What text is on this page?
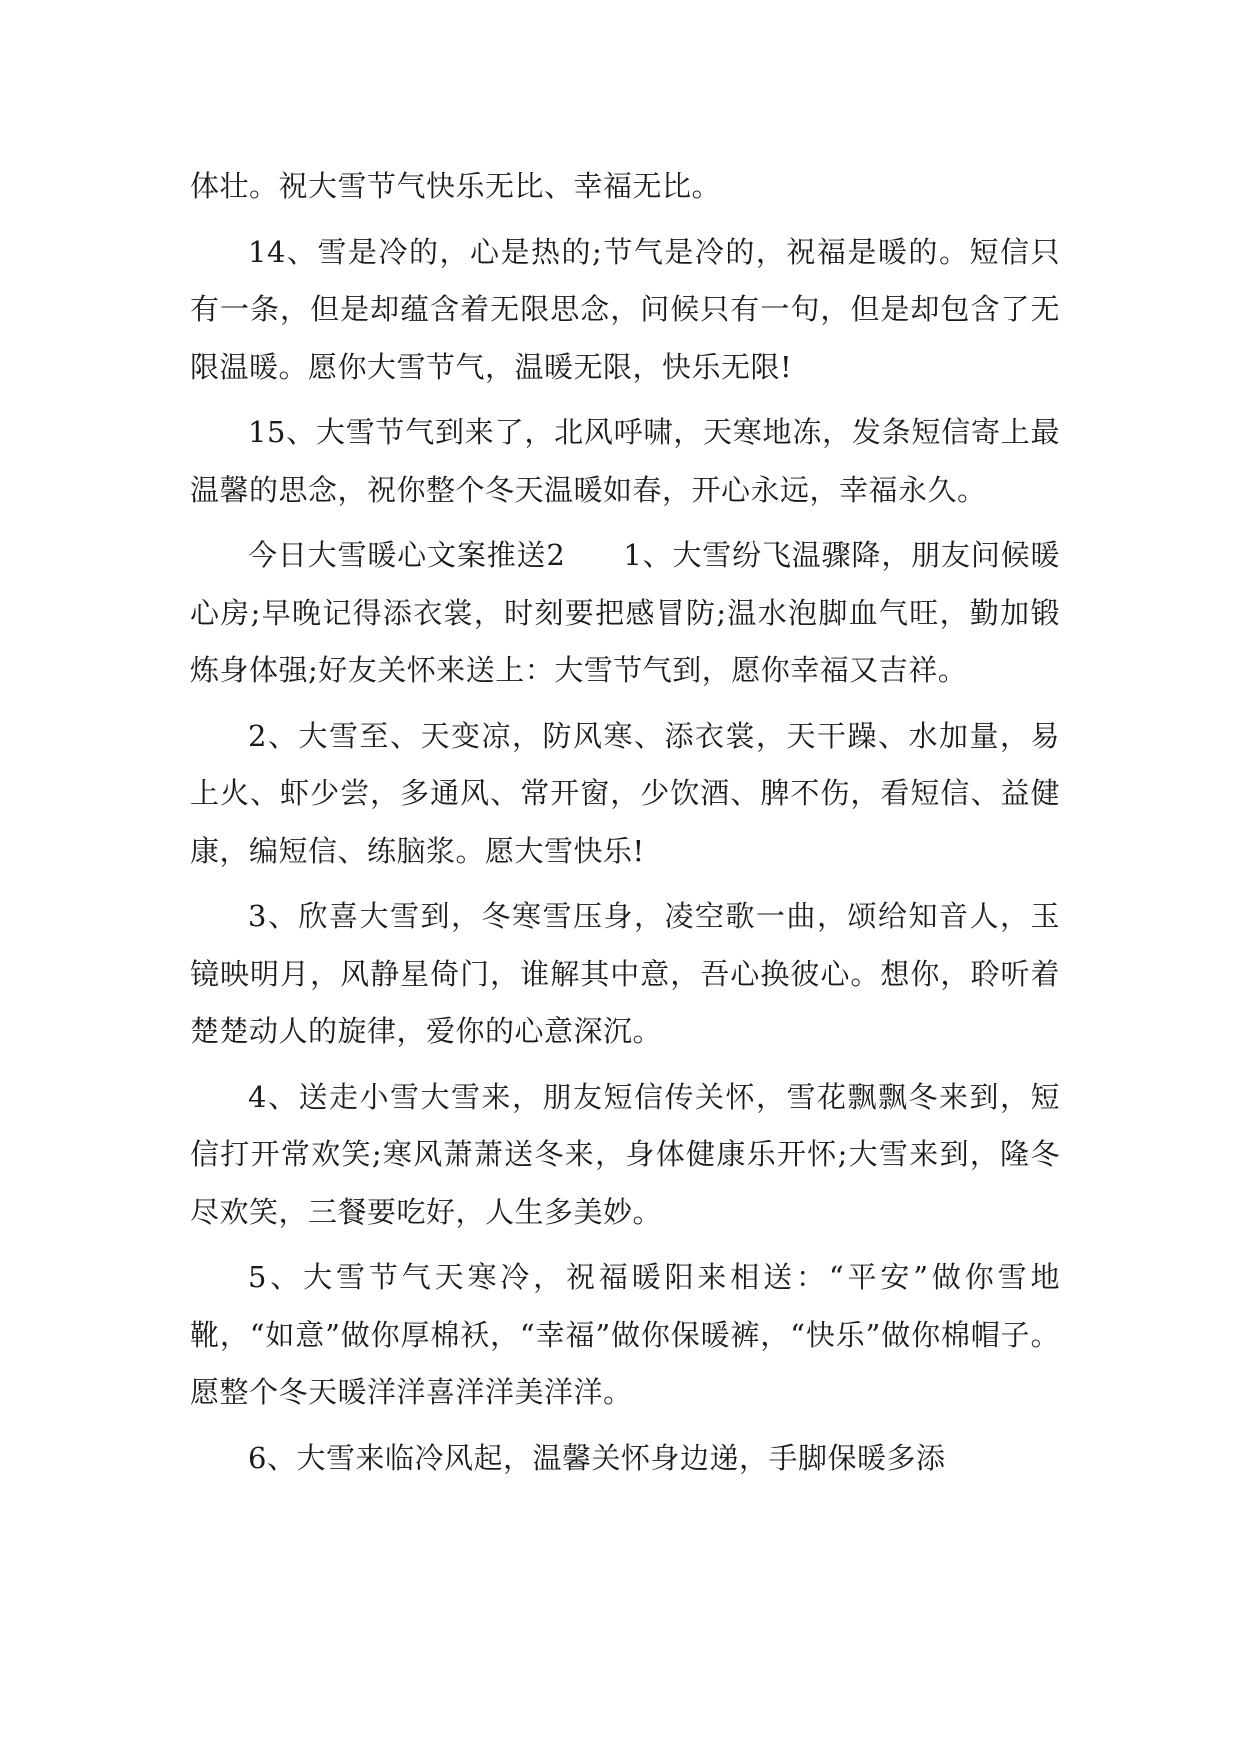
体壮。祝大雪节气快乐无比、幸福无比。

14、雪是冷的，心是热的;节气是冷的，祝福是暖的。短信只有一条，但是却蕴含着无限思念，问候只有一句，但是却包含了无限温暖。愿你大雪节气，温暖无限，快乐无限!

15、大雪节气到来了，北风呼啸，天寒地冻，发条短信寄上最温馨的思念，祝你整个冬天温暖如春，开心永远，幸福永久。

今日大雪暖心文案推送2 1、大雪纷飞温骤降，朋友问候暖心房;早晚记得添衣裳，时刻要把感冒防;温水泡脚血气旺，勤加锻炼身体强;好友关怀来送上：大雪节气到，愿你幸福又吉祥。

2、大雪至、天变凉，防风寒、添衣裳，天干躁、水加量，易上火、虾少尝，多通风、常开窗，少饮酒、脾不伤，看短信、益健康，编短信、练脑浆。愿大雪快乐!

3、欣喜大雪到，冬寒雪压身，凌空歌一曲，颂给知音人，玉镜映明月，风静星倚门，谁解其中意，吾心换彼心。想你，聆听着楚楚动人的旋律，爱你的心意深沉。

4、送走小雪大雪来，朋友短信传关怀，雪花飘飘冬来到，短信打开常欢笑;寒风萧萧送冬来，身体健康乐开怀;大雪来到，隆冬尽欢笑，三餐要吃好，人生多美妙。

5、大雪节气天寒冷，祝福暖阳来相送：“平安”做你雪地靴，“如意”做你厚棉袄，“幸福”做你保暖裤，“快乐”做你棉帽子。愿整个冬天暖洋洋喜洋洋美洋洋。

6、大雪来临冷风起，温馨关怀身边递，手脚保暖多添
